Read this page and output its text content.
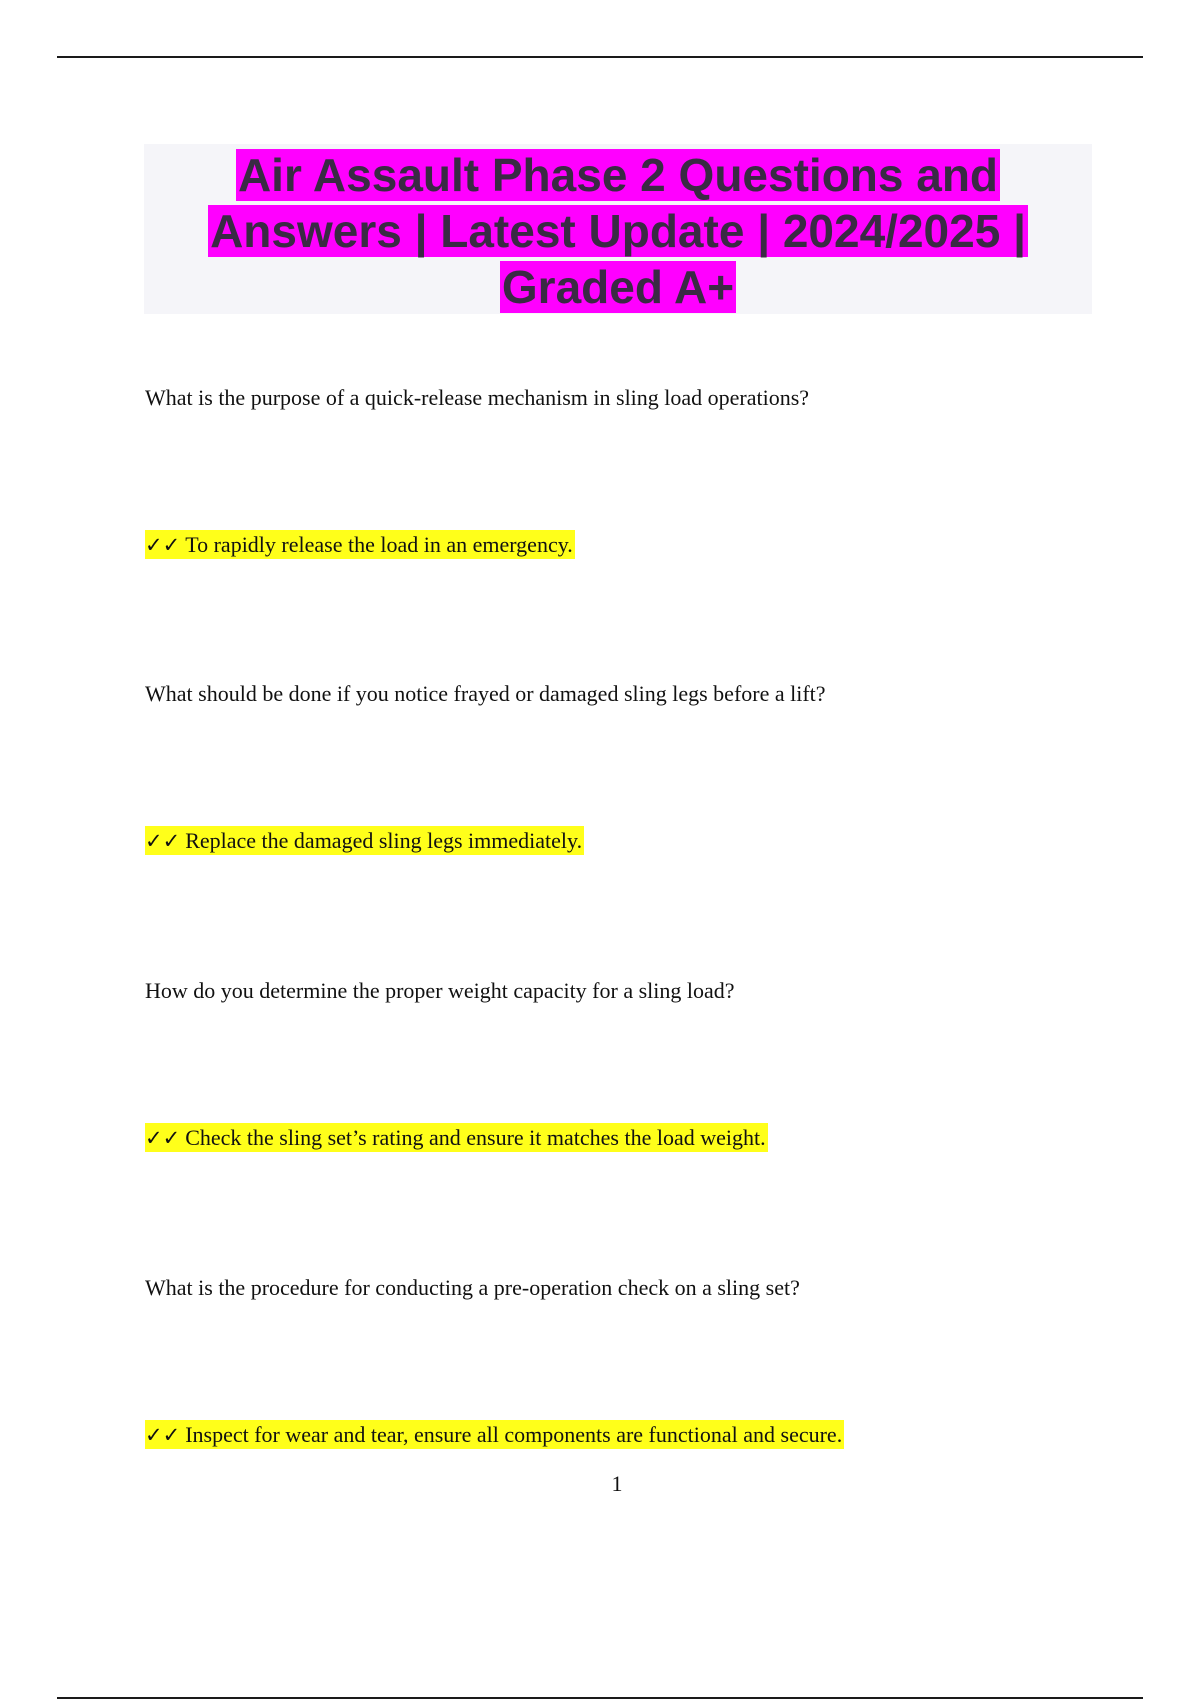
Air Assault Phase 2 Questions and Answers | Latest Update | 2024/2025 | Graded A+
What is the purpose of a quick-release mechanism in sling load operations?
✓✓ To rapidly release the load in an emergency.
What should be done if you notice frayed or damaged sling legs before a lift?
✓✓ Replace the damaged sling legs immediately.
How do you determine the proper weight capacity for a sling load?
✓✓ Check the sling set’s rating and ensure it matches the load weight.
What is the procedure for conducting a pre-operation check on a sling set?
✓✓ Inspect for wear and tear, ensure all components are functional and secure.
1
